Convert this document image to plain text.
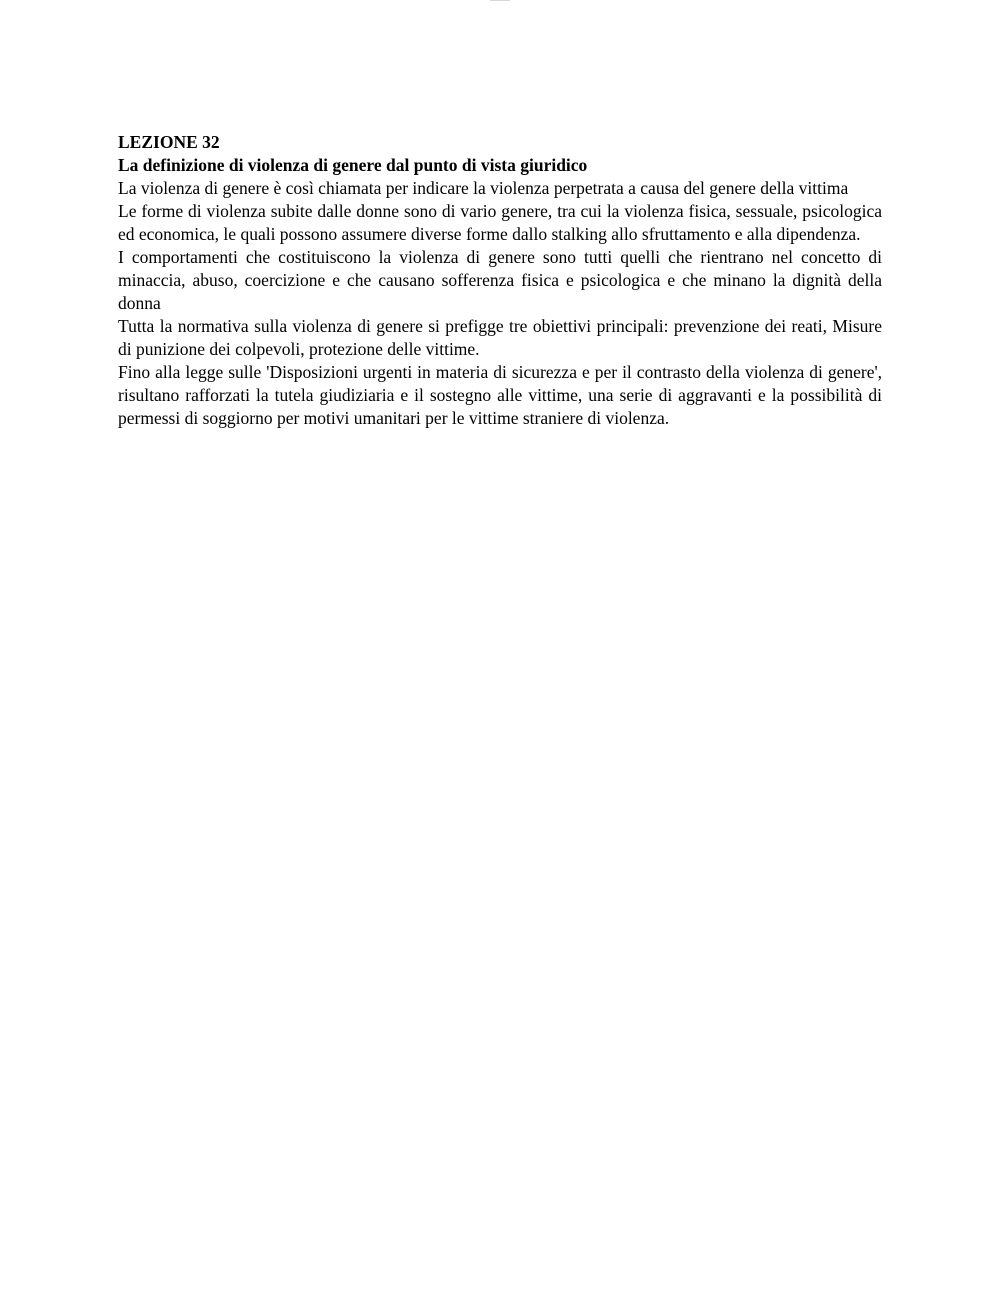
LEZIONE 32
La definizione di violenza di genere dal punto di vista giuridico

La violenza di genere è così chiamata per indicare la violenza perpetrata a causa del genere della vittima

Le forme di violenza subite dalle donne sono di vario genere, tra cui la violenza fisica, sessuale, psicologica ed economica, le quali possono assumere diverse forme dallo stalking allo sfruttamento e alla dipendenza.

I comportamenti che costituiscono la violenza di genere sono tutti quelli che rientrano nel concetto di minaccia, abuso, coercizione e che causano sofferenza fisica e psicologica e che minano la dignità della donna

Tutta la normativa sulla violenza di genere si prefigge tre obiettivi principali: prevenzione dei reati, Misure di punizione dei colpevoli, protezione delle vittime.

Fino alla legge sulle 'Disposizioni urgenti in materia di sicurezza e per il contrasto della violenza di genere', risultano rafforzati la tutela giudiziaria e il sostegno alle vittime, una serie di aggravanti e la possibilità di permessi di soggiorno per motivi umanitari per le vittime straniere di violenza.
